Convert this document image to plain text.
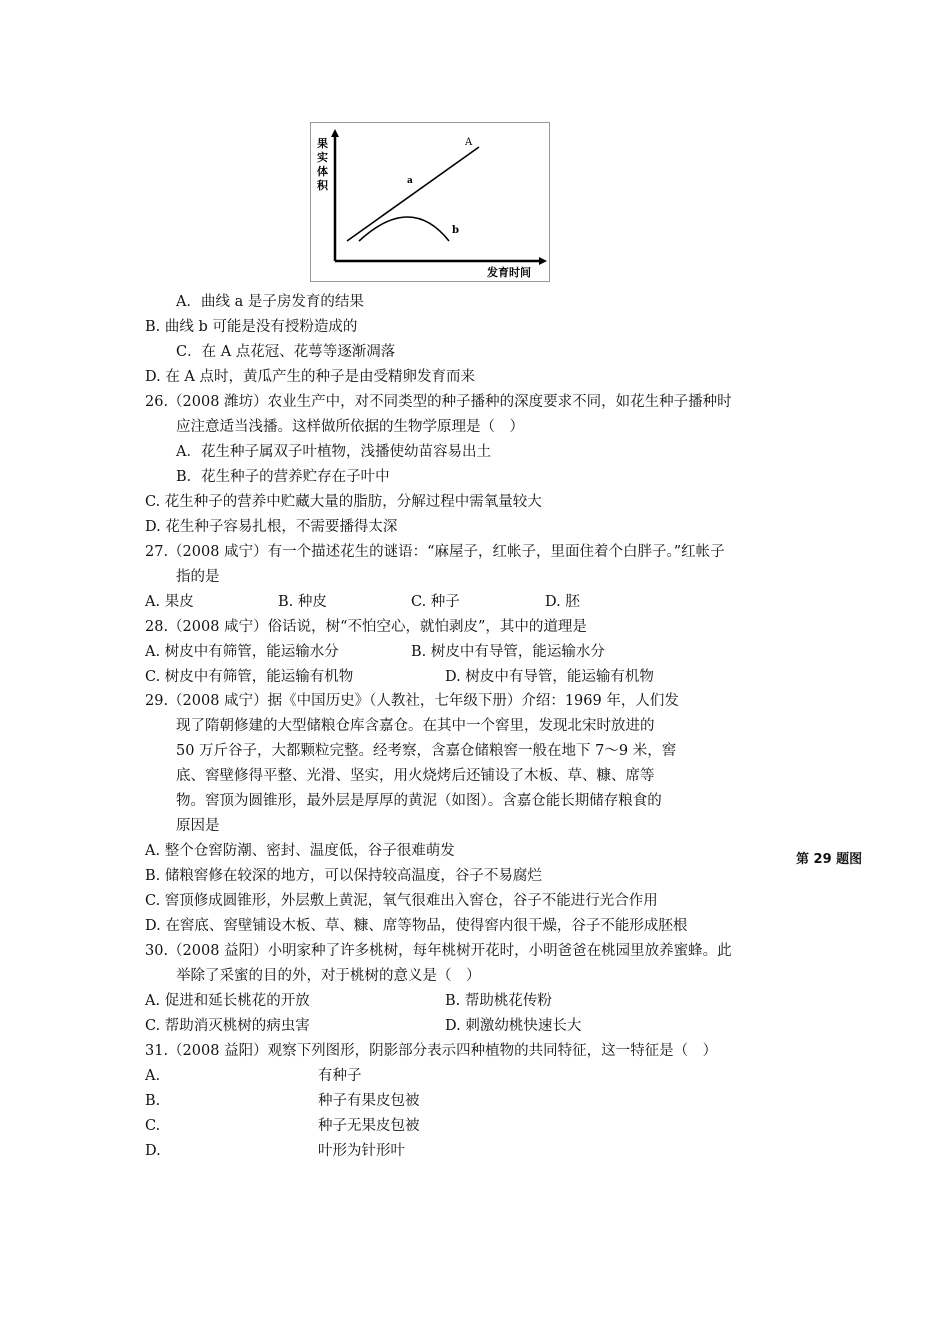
果
实
体
积
发育时间
A
a
b
A．曲线 a 是子房发育的结果
B. 曲线 b 可能是没有授粉造成的
C．在 A 点花冠、花萼等逐渐凋落
D. 在 A 点时，黄瓜产生的种子是由受精卵发育而来
26.（2008 潍坊）农业生产中，对不同类型的种子播种的深度要求不同，如花生种子播种时
应注意适当浅播。这样做所依据的生物学原理是（　）
A．花生种子属双子叶植物，浅播使幼苗容易出土
B．花生种子的营养贮存在子叶中
C. 花生种子的营养中贮藏大量的脂肪，分解过程中需氧量较大
D. 花生种子容易扎根，不需要播得太深
27.（2008 咸宁）有一个描述花生的谜语：“麻屋子，红帐子，里面住着个白胖子。”红帐子
指的是
A. 果皮	B. 种皮	C. 种子	D. 胚
28.（2008 咸宁）俗话说，树“不怕空心，就怕剥皮”，其中的道理是
A. 树皮中有筛管，能运输水分	B. 树皮中有导管，能运输水分
C. 树皮中有筛管，能运输有机物	D. 树皮中有导管，能运输有机物
29.（2008 咸宁）据《中国历史》（人教社，七年级下册）介绍：1969 年，人们发
现了隋朝修建的大型储粮仓库含嘉仓。在其中一个窖里，发现北宋时放进的
50 万斤谷子，大都颗粒完整。经考察，含嘉仓储粮窖一般在地下 7～9 米，窖
底、窖壁修得平整、光滑、坚实，用火烧烤后还铺设了木板、草、糠、席等
物。窖顶为圆锥形，最外层是厚厚的黄泥（如图）。含嘉仓能长期储存粮食的
原因是
A. 整个仓窖防潮、密封、温度低，谷子很难萌发
第 29 题图
B. 储粮窖修在较深的地方，可以保持较高温度，谷子不易腐烂
C. 窖顶修成圆锥形，外层敷上黄泥，氧气很难出入窖仓，谷子不能进行光合作用
D. 在窖底、窖壁铺设木板、草、糠、席等物品，使得窖内很干燥，谷子不能形成胚根
30.（2008 益阳）小明家种了许多桃树，每年桃树开花时，小明爸爸在桃园里放养蜜蜂。此
举除了采蜜的目的外，对于桃树的意义是（　）
A. 促进和延长桃花的开放	B. 帮助桃花传粉
C. 帮助消灭桃树的病虫害	D. 刺激幼桃快速长大
31.（2008 益阳）观察下列图形，阴影部分表示四种植物的共同特征，这一特征是（　）
A.	有种子
B.	种子有果皮包被
C.	种子无果皮包被
D.	叶形为针形叶
